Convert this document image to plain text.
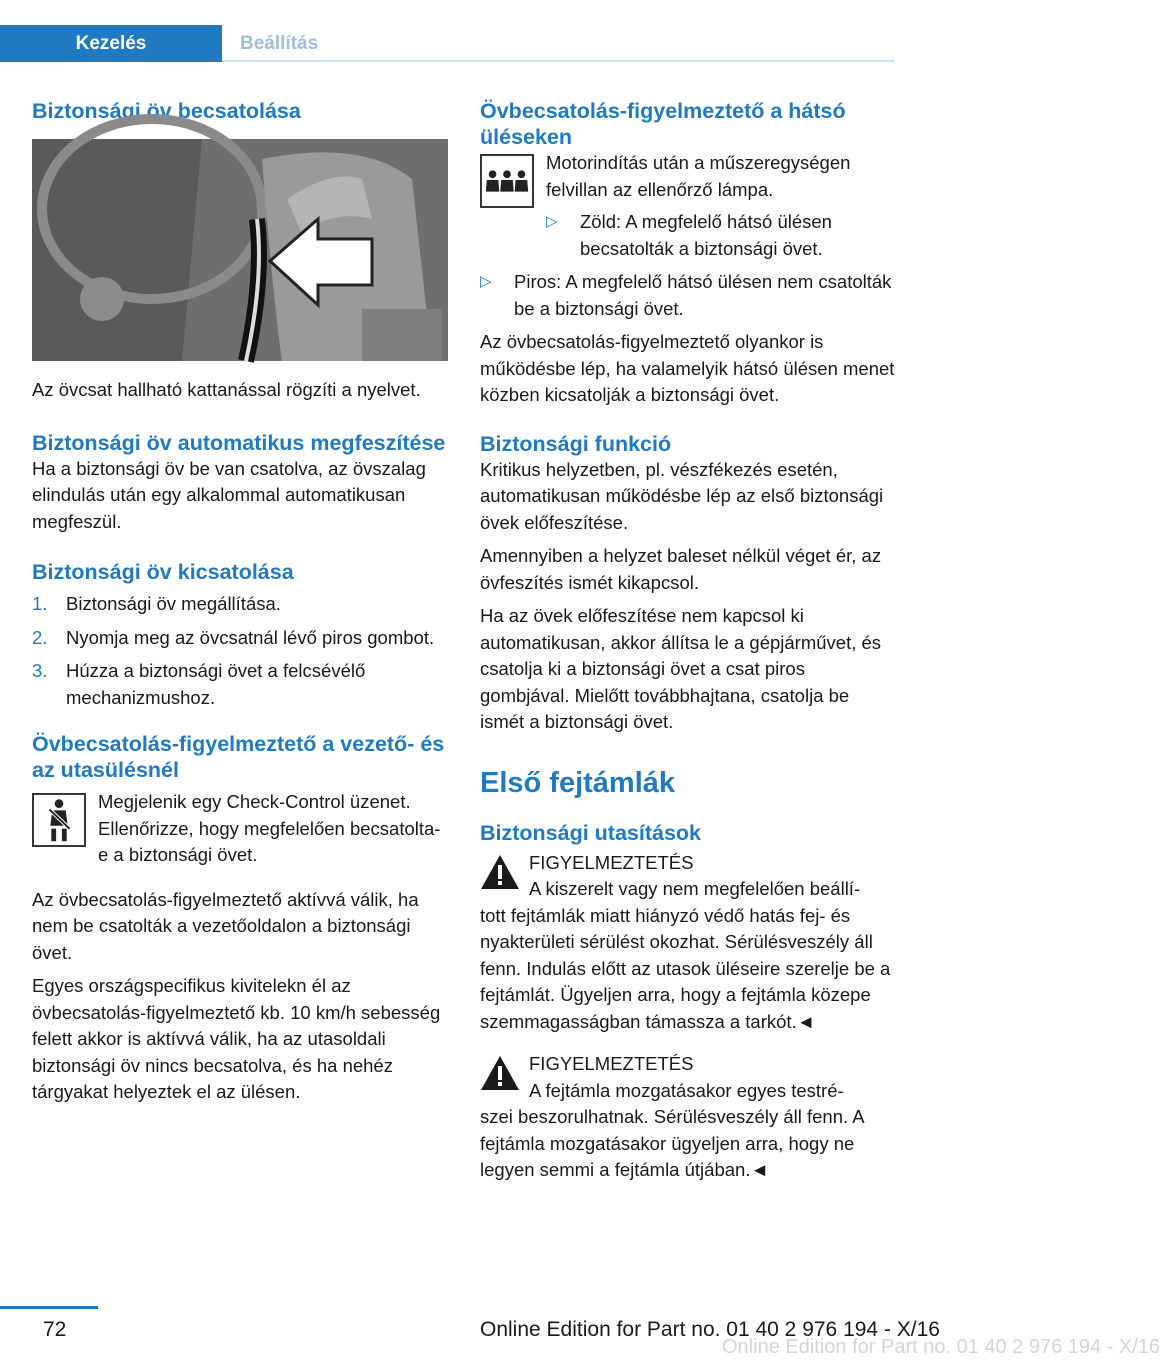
Kezelés	Beállítás
Biztonsági öv becsatolása

Az övcsat hallható kattanással rögzíti a nyelvet.

Biztonsági öv automatikus megfeszítése

Ha a biztonsági öv be van csatolva, az övszalag elindulás után egy alkalommal automatikusan megfeszül.

Biztonsági öv kicsatolása
1. Biztonsági öv megállítása.
2. Nyomja meg az övcsatnál lévő piros gombot.
3. Húzza a biztonsági övet a felcsévélő mechanizmushoz.
Övbecsatolás-figyelmeztető a vezető- és az utasülésnél

Megjelenik egy Check-Control üzenet. Ellenőrizze, hogy megfelelően becsatolta-e a biztonsági övet.

Az övbecsatolás-figyelmeztető aktívvá válik, ha nem be csatolták a vezetőoldalon a biztonsági övet.

Egyes országspecifikus kivitelekn él az övbecsatolás-figyelmeztető kb. 10 km/h sebesség felett akkor is aktívvá válik, ha az utasoldali biztonsági öv nincs becsatolva, és ha nehéz tárgyakat helyeztek el az ülésen.

Övbecsatolás-figyelmeztető a hátsó üléseken

Motorindítás után a műszeregységen felvillan az ellenőrző lámpa.

▷ Zöld: A megfelelő hátsó ülésen becsatolták a biztonsági övet.
▷ Piros: A megfelelő hátsó ülésen nem csatolták be a biztonsági övet.

Az övbecsatolás-figyelmeztető olyankor is működésbe lép, ha valamelyik hátsó ülésen menet közben kicsatolják a biztonsági övet.

Biztonsági funkció

Kritikus helyzetben, pl. vészfékezés esetén, automatikusan működésbe lép az első biztonsági övek előfeszítése.

Amennyiben a helyzet baleset nélkül véget ér, az övfeszítés ismét kikapcsol.

Ha az övek előfeszítése nem kapcsol ki automatikusan, akkor állítsa le a gépjárművet, és csatolja ki a biztonsági övet a csat piros gombjával. Mielőtt továbbhajtana, csatolja be ismét a biztonsági övet.

Első fejtámlák
Biztonsági utasítások
FIGYELMEZTETÉS
A kiszerelt vagy nem megfelelően beállí-

tott fejtámlák miatt hiányzó védő hatás fej- és nyakterületi sérülést okozhat. Sérülésveszély áll fenn. Indulás előtt az utasok üléseire szerelje be a fejtámlát. Ügyeljen arra, hogy a fejtámla közepe szemmagasságban támassza a tarkót.◄

FIGYELMEZTETÉS
A fejtámla mozgatásakor egyes testré-

szei beszorulhatnak. Sérülésveszély áll fenn. A fejtámla mozgatásakor ügyeljen arra, hogy ne legyen semmi a fejtámla útjában.◄

72	Online Edition for Part no. 01 40 2 976 194 - X/16
Online Edition for Part no. 01 40 2 976 194 - X/16
